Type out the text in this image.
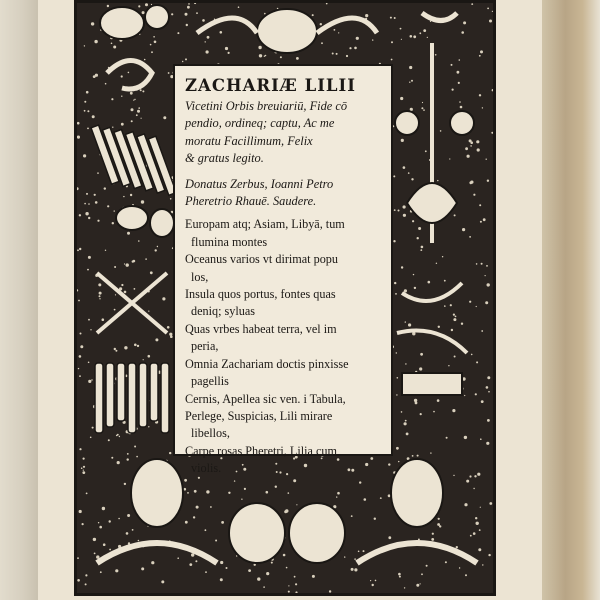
ZACHARIÆ LILII
Vicetini Orbis breuiariū, Fide cō
pendio, ordineq; captu, Ac me
moratu Facillimum, Felix
& gratus legito.
Donatus Zerbus, Ioanni Petro
Pheretrio Rhauē. Saudere.
Europam atq; Asiam, Libyā, tum
flumina montes
Oceanus varios vt dirimat popu
los,
Insula quos portus, fontes quas
deniq; syluas
Quas vrbes habeat terra, vel im
peria,
Omnia Zachariam doctis pinxisse
pagellis
Cernis, Apellea sic ven. i Tabula,
Perlege, Suspicias, Lili mirare
libellos,
Carpe rosas Pheretri, Lilia cum
violis.
